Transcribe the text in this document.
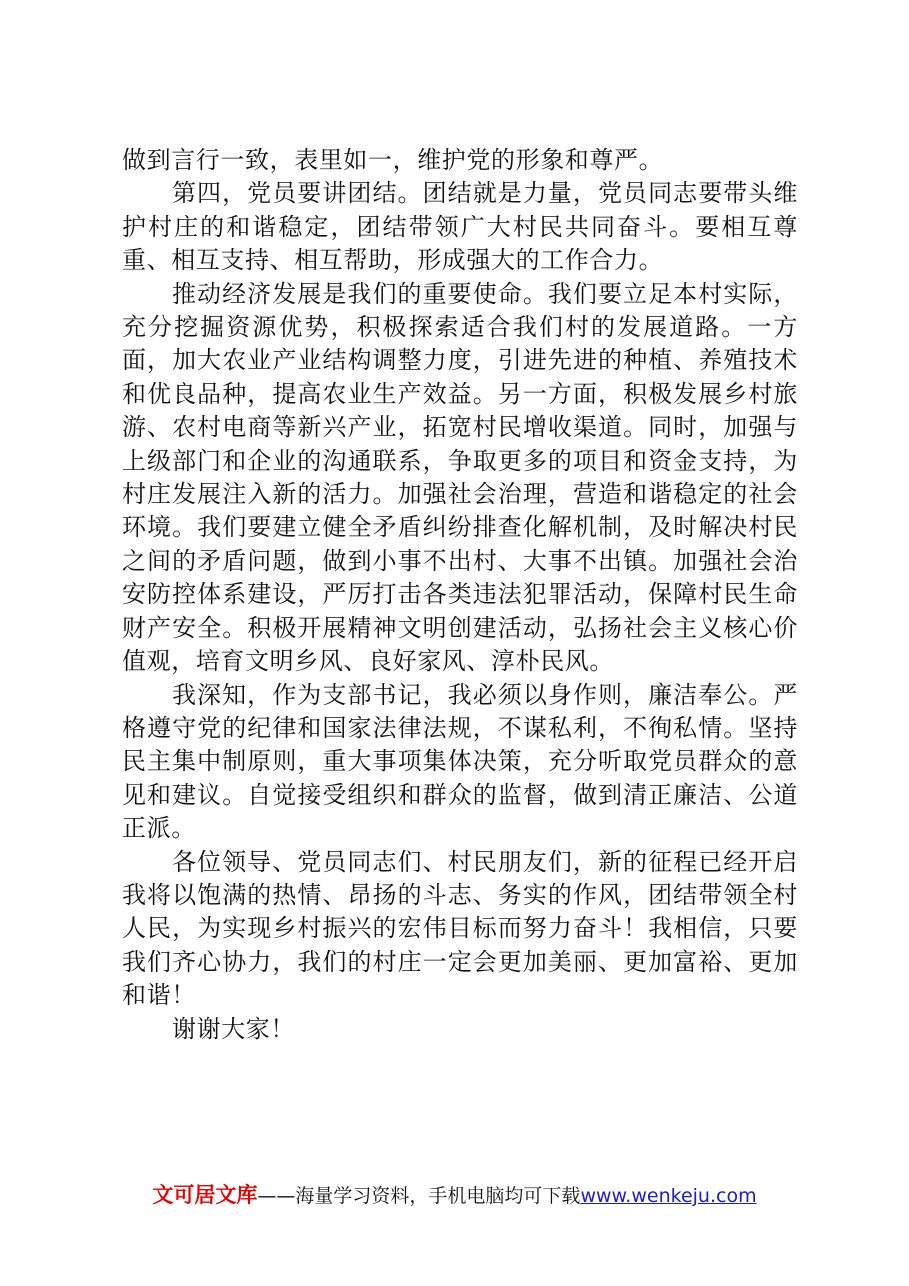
做到言行一致，表里如一，维护党的形象和尊严。

第四，党员要讲团结。团结就是力量，党员同志要带头维护村庄的和谐稳定，团结带领广大村民共同奋斗。要相互尊重、相互支持、相互帮助，形成强大的工作合力。

推动经济发展是我们的重要使命。我们要立足本村实际，充分挖掘资源优势，积极探索适合我们村的发展道路。一方面，加大农业产业结构调整力度，引进先进的种植、养殖技术和优良品种，提高农业生产效益。另一方面，积极发展乡村旅游、农村电商等新兴产业，拓宽村民增收渠道。同时，加强与上级部门和企业的沟通联系，争取更多的项目和资金支持，为村庄发展注入新的活力。加强社会治理，营造和谐稳定的社会环境。我们要建立健全矛盾纠纷排查化解机制，及时解决村民之间的矛盾问题，做到小事不出村、大事不出镇。加强社会治安防控体系建设，严厉打击各类违法犯罪活动，保障村民生命财产安全。积极开展精神文明创建活动，弘扬社会主义核心价值观，培育文明乡风、良好家风、淳朴民风。

我深知，作为支部书记，我必须以身作则，廉洁奉公。严格遵守党的纪律和国家法律法规，不谋私利，不徇私情。坚持民主集中制原则，重大事项集体决策，充分听取党员群众的意见和建议。自觉接受组织和群众的监督，做到清正廉洁、公道正派。

各位领导、党员同志们、村民朋友们，新的征程已经开启我将以饱满的热情、昂扬的斗志、务实的作风，团结带领全村人民，为实现乡村振兴的宏伟目标而努力奋斗！我相信，只要我们齐心协力，我们的村庄一定会更加美丽、更加富裕、更加和谐！

谢谢大家！

文可居文库——海量学习资料，手机电脑均可下载www.wenkeju.com
